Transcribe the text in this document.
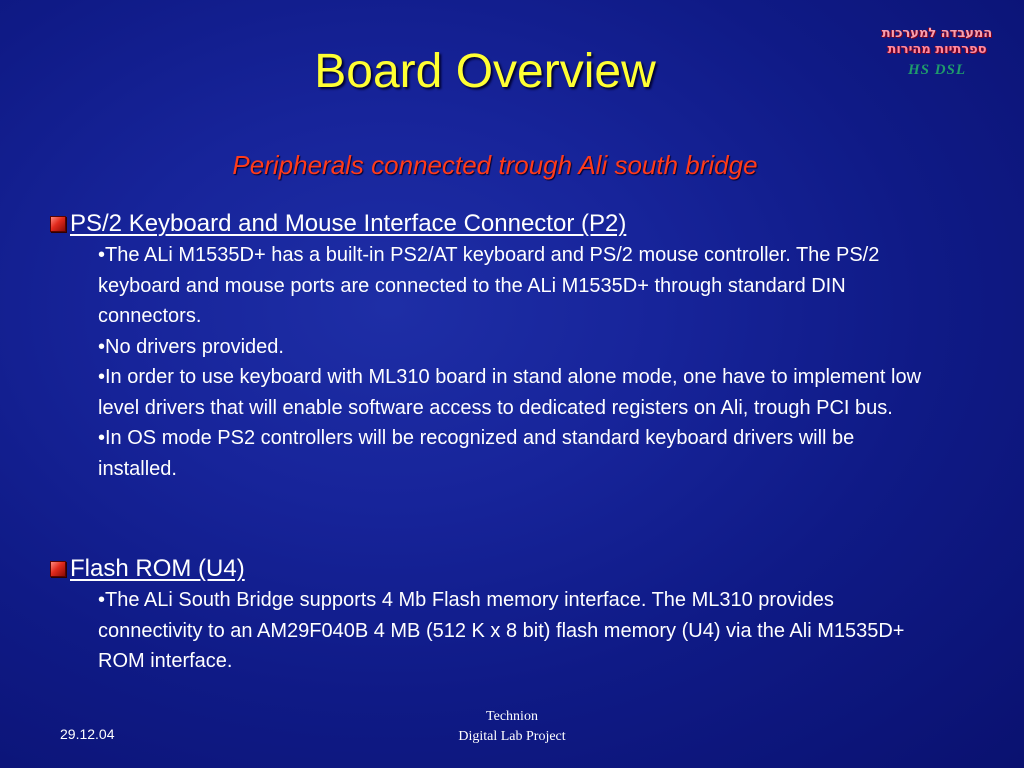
המעבדה למערכות
ספרתיות מהירות
HS DSL
Board Overview
Peripherals connected trough Ali south bridge
PS/2 Keyboard and Mouse Interface Connector (P2)
•The ALi M1535D+ has a built-in PS2/AT keyboard and PS/2 mouse controller. The PS/2 keyboard and mouse ports are connected to the ALi M1535D+ through standard DIN connectors.
•No drivers provided.
•In order to use keyboard with ML310 board in stand alone mode, one have to implement low level drivers that will enable software access to dedicated registers on Ali, trough PCI bus.
•In OS mode PS2 controllers will be recognized and standard keyboard drivers will be installed.
Flash ROM (U4)
•The ALi South Bridge supports 4 Mb Flash memory interface. The ML310 provides connectivity to an AM29F040B 4 MB (512 K x 8 bit) flash memory (U4) via the Ali M1535D+ ROM interface.
29.12.04
Technion
Digital Lab Project
